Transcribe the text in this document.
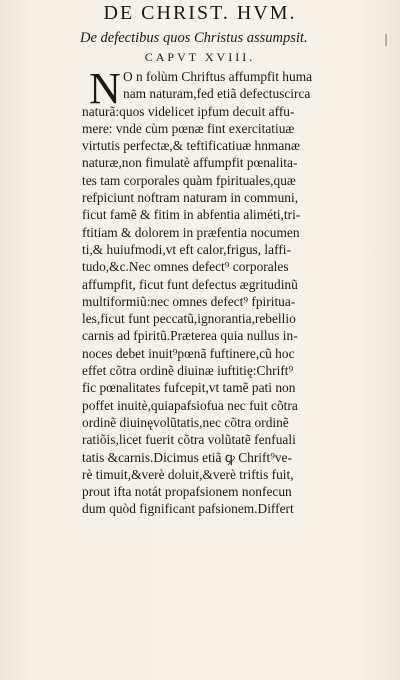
DE CHRIST. HVM.
De defectibus quos Christus assumpsit.	|
CAPVT XVIII.
N O n folùm Chriftus affumpfit huma
nam naturam,fed etiã defectuscirca
naturã:quos videlicet ipfum decuit affu-
mere: vnde cùm pœnæ fint exercitatiuæ
virtutis perfectæ,& teftificatiuæ hnmanæ
naturæ,non fimulatè affumpfit pœnalita-
tes tam corporales quàm fpirituales,quæ
refpiciunt noftram naturam in communi,
ficut famẽ & fitim in abfentia aliméti,tri-
ftitiam & dolorem in præfentia nocumen
ti,& huiufmodi,vt eft calor,frigus, laffi-
tudo,&c.Nec omnes defect⁹ corporales
affumpfit, ficut funt defectus ægritudinũ
multiformiũ:nec omnes defect⁹ fpiritua-
les,ficut funt peccatũ,ignorantia,rebellio
carnis ad fpiritũ.Præterea quia nullus in-
noces debet inuit⁹pœnã fuftinere,cũ hoc
effet cõtra ordinẽ diuinæ iuftitię:Chrift⁹
fic pœnalitates fufcepit,vt tamẽ pati non
poffet inuitè,quiapafsiofua nec fuit cõtra
ordinẽ diuinęvolũtatis,nec cõtra ordinẽ
ratiõis,licet fuerit cõtra volũtatẽ fenfuali
tatis &carnis.Dicimus etiã ꝙ Chrift⁹ve-
rè timuit,&verè doluit,&verè triftis fuit,
prout ifta notát propafsionem nonfecun
dum quòd fignificant pafsionem.Differt
